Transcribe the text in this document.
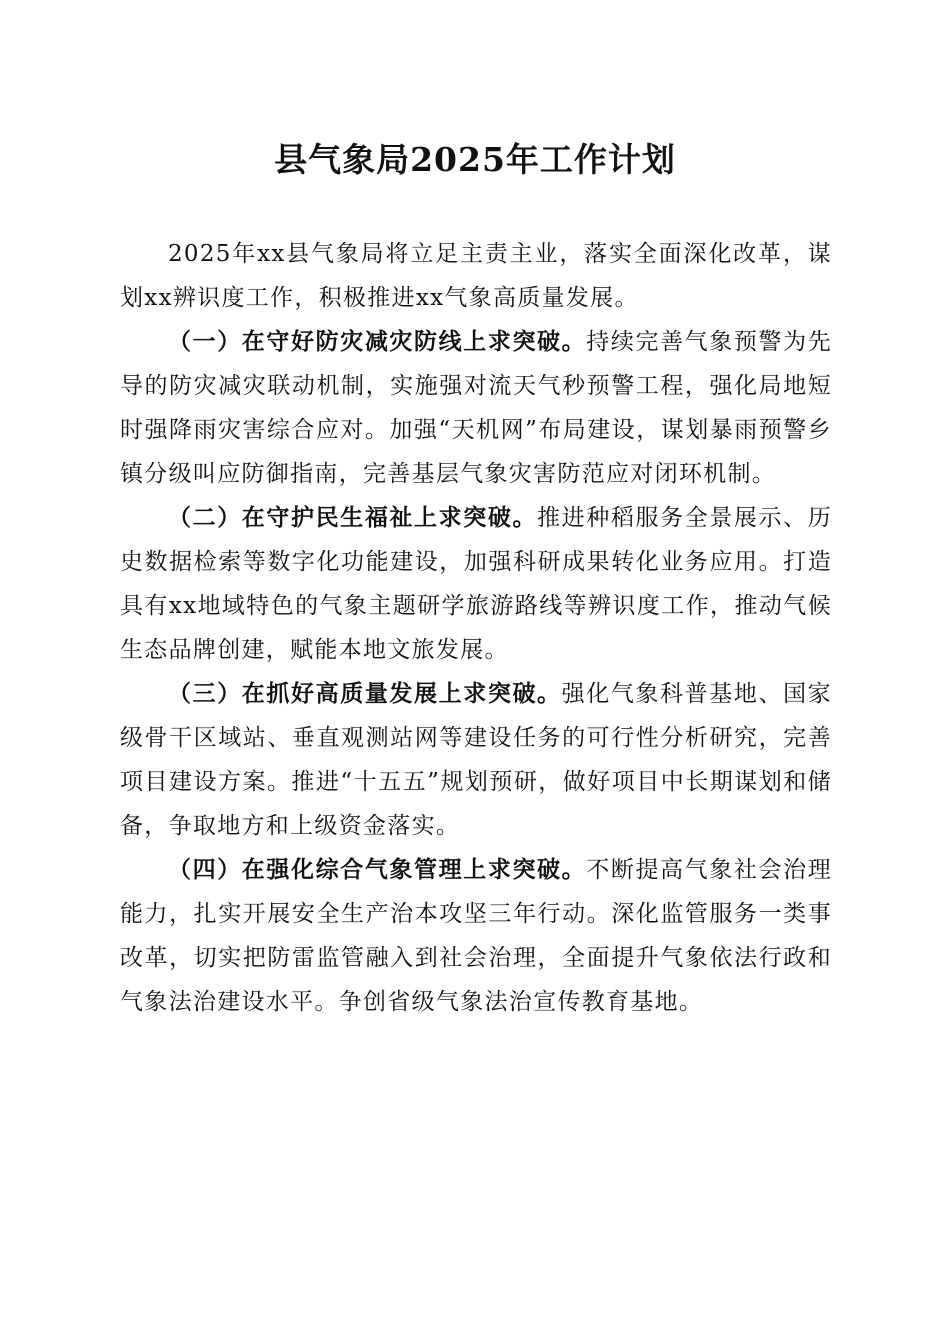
县气象局2025年工作计划

2025年xx县气象局将立足主责主业，落实全面深化改革，谋划xx辨识度工作，积极推进xx气象高质量发展。

（一）在守好防灾减灾防线上求突破。持续完善气象预警为先导的防灾减灾联动机制，实施强对流天气秒预警工程，强化局地短时强降雨灾害综合应对。加强“天机网”布局建设，谋划暴雨预警乡镇分级叫应防御指南，完善基层气象灾害防范应对闭环机制。

（二）在守护民生福祉上求突破。推进种稻服务全景展示、历史数据检索等数字化功能建设，加强科研成果转化业务应用。打造具有xx地域特色的气象主题研学旅游路线等辨识度工作，推动气候生态品牌创建，赋能本地文旅发展。

（三）在抓好高质量发展上求突破。强化气象科普基地、国家级骨干区域站、垂直观测站网等建设任务的可行性分析研究，完善项目建设方案。推进“十五五”规划预研，做好项目中长期谋划和储备，争取地方和上级资金落实。

（四）在强化综合气象管理上求突破。不断提高气象社会治理能力，扎实开展安全生产治本攻坚三年行动。深化监管服务一类事改革，切实把防雷监管融入到社会治理，全面提升气象依法行政和气象法治建设水平。争创省级气象法治宣传教育基地。
